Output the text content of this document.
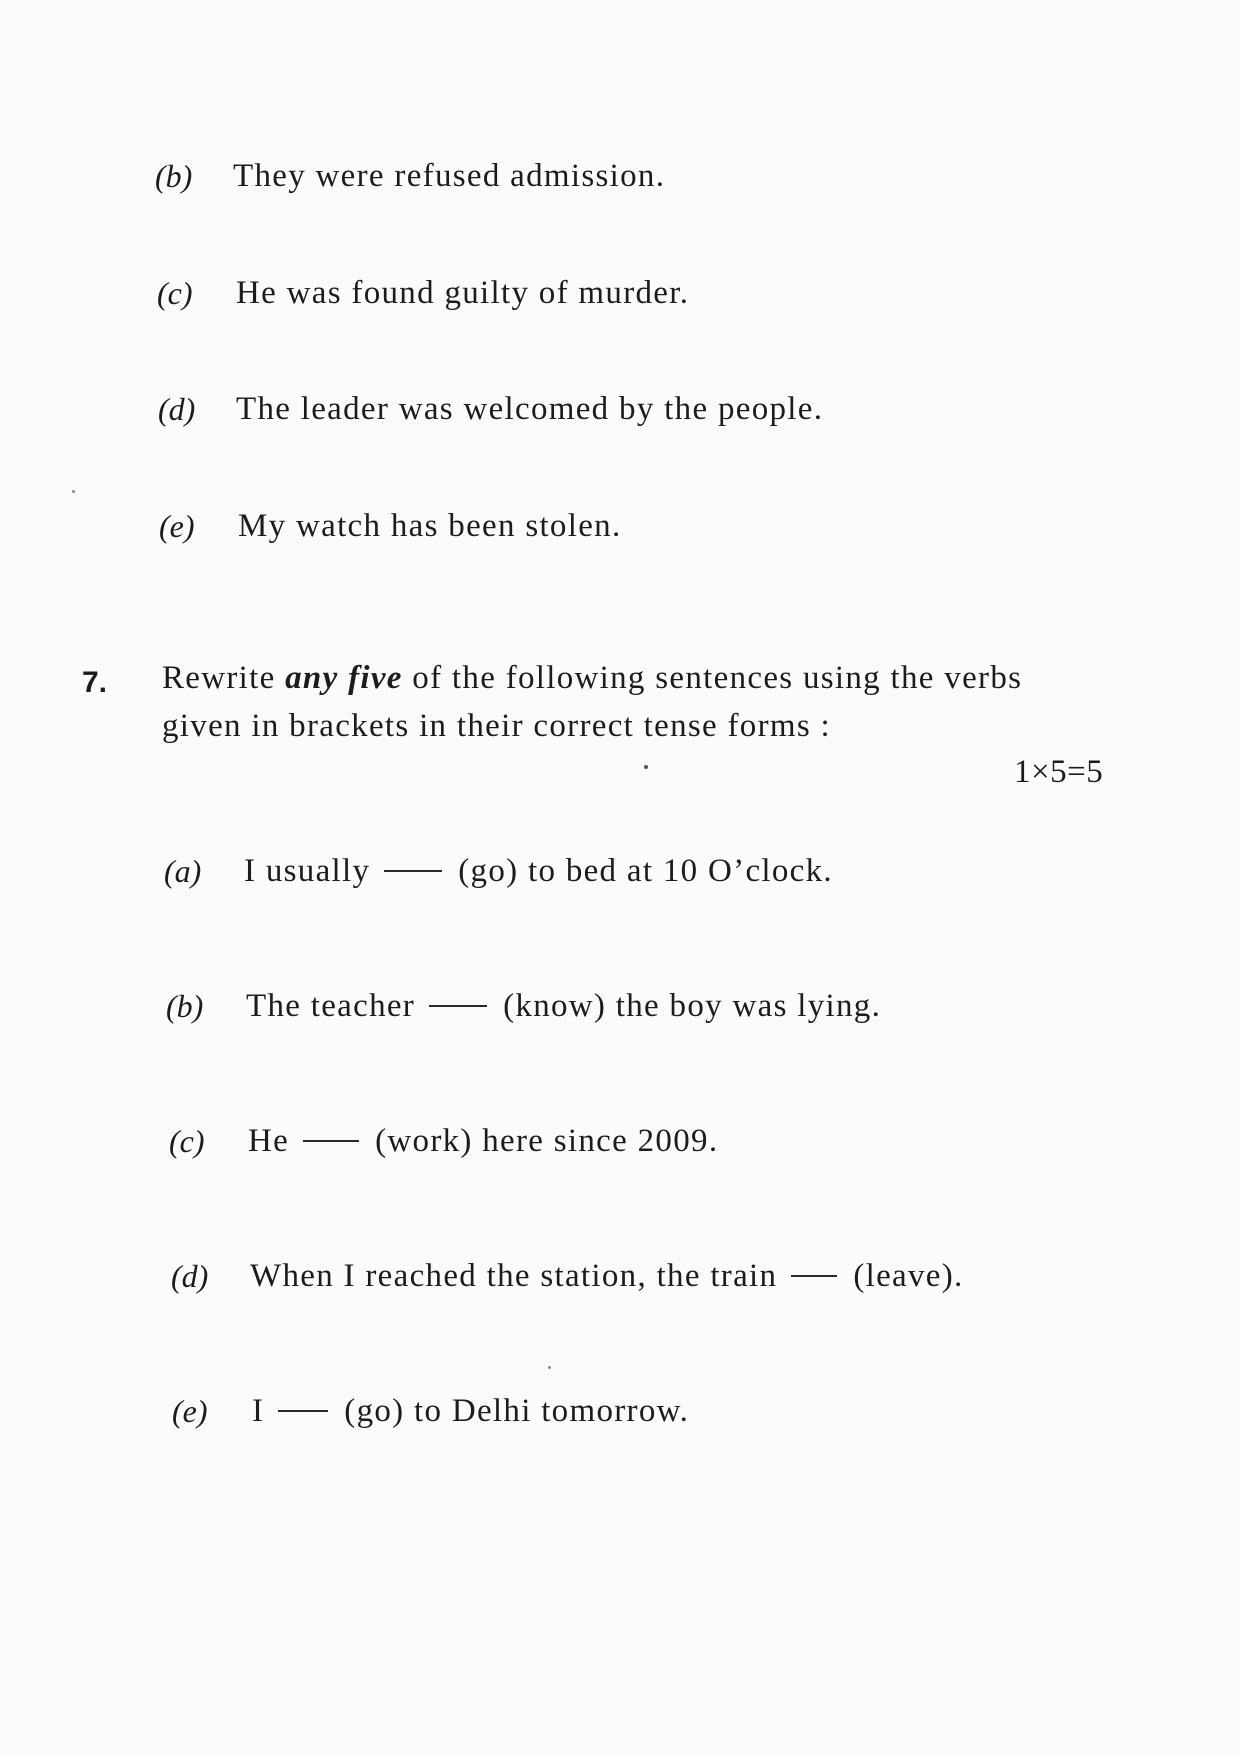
(b) They were refused admission.
(c) He was found guilty of murder.
(d) The leader was welcomed by the people.
(e) My watch has been stolen.
7. Rewrite any five of the following sentences using the verbs
given in brackets in their correct tense forms :
1×5=5
(a) I usually	(go) to bed at 10 O’clock.
(b) The teacher	(know) the boy was lying.
(c) He	(work) here since 2009.
(d) When I reached the station, the train (leave).
(e) I (go) to Delhi tomorrow.
